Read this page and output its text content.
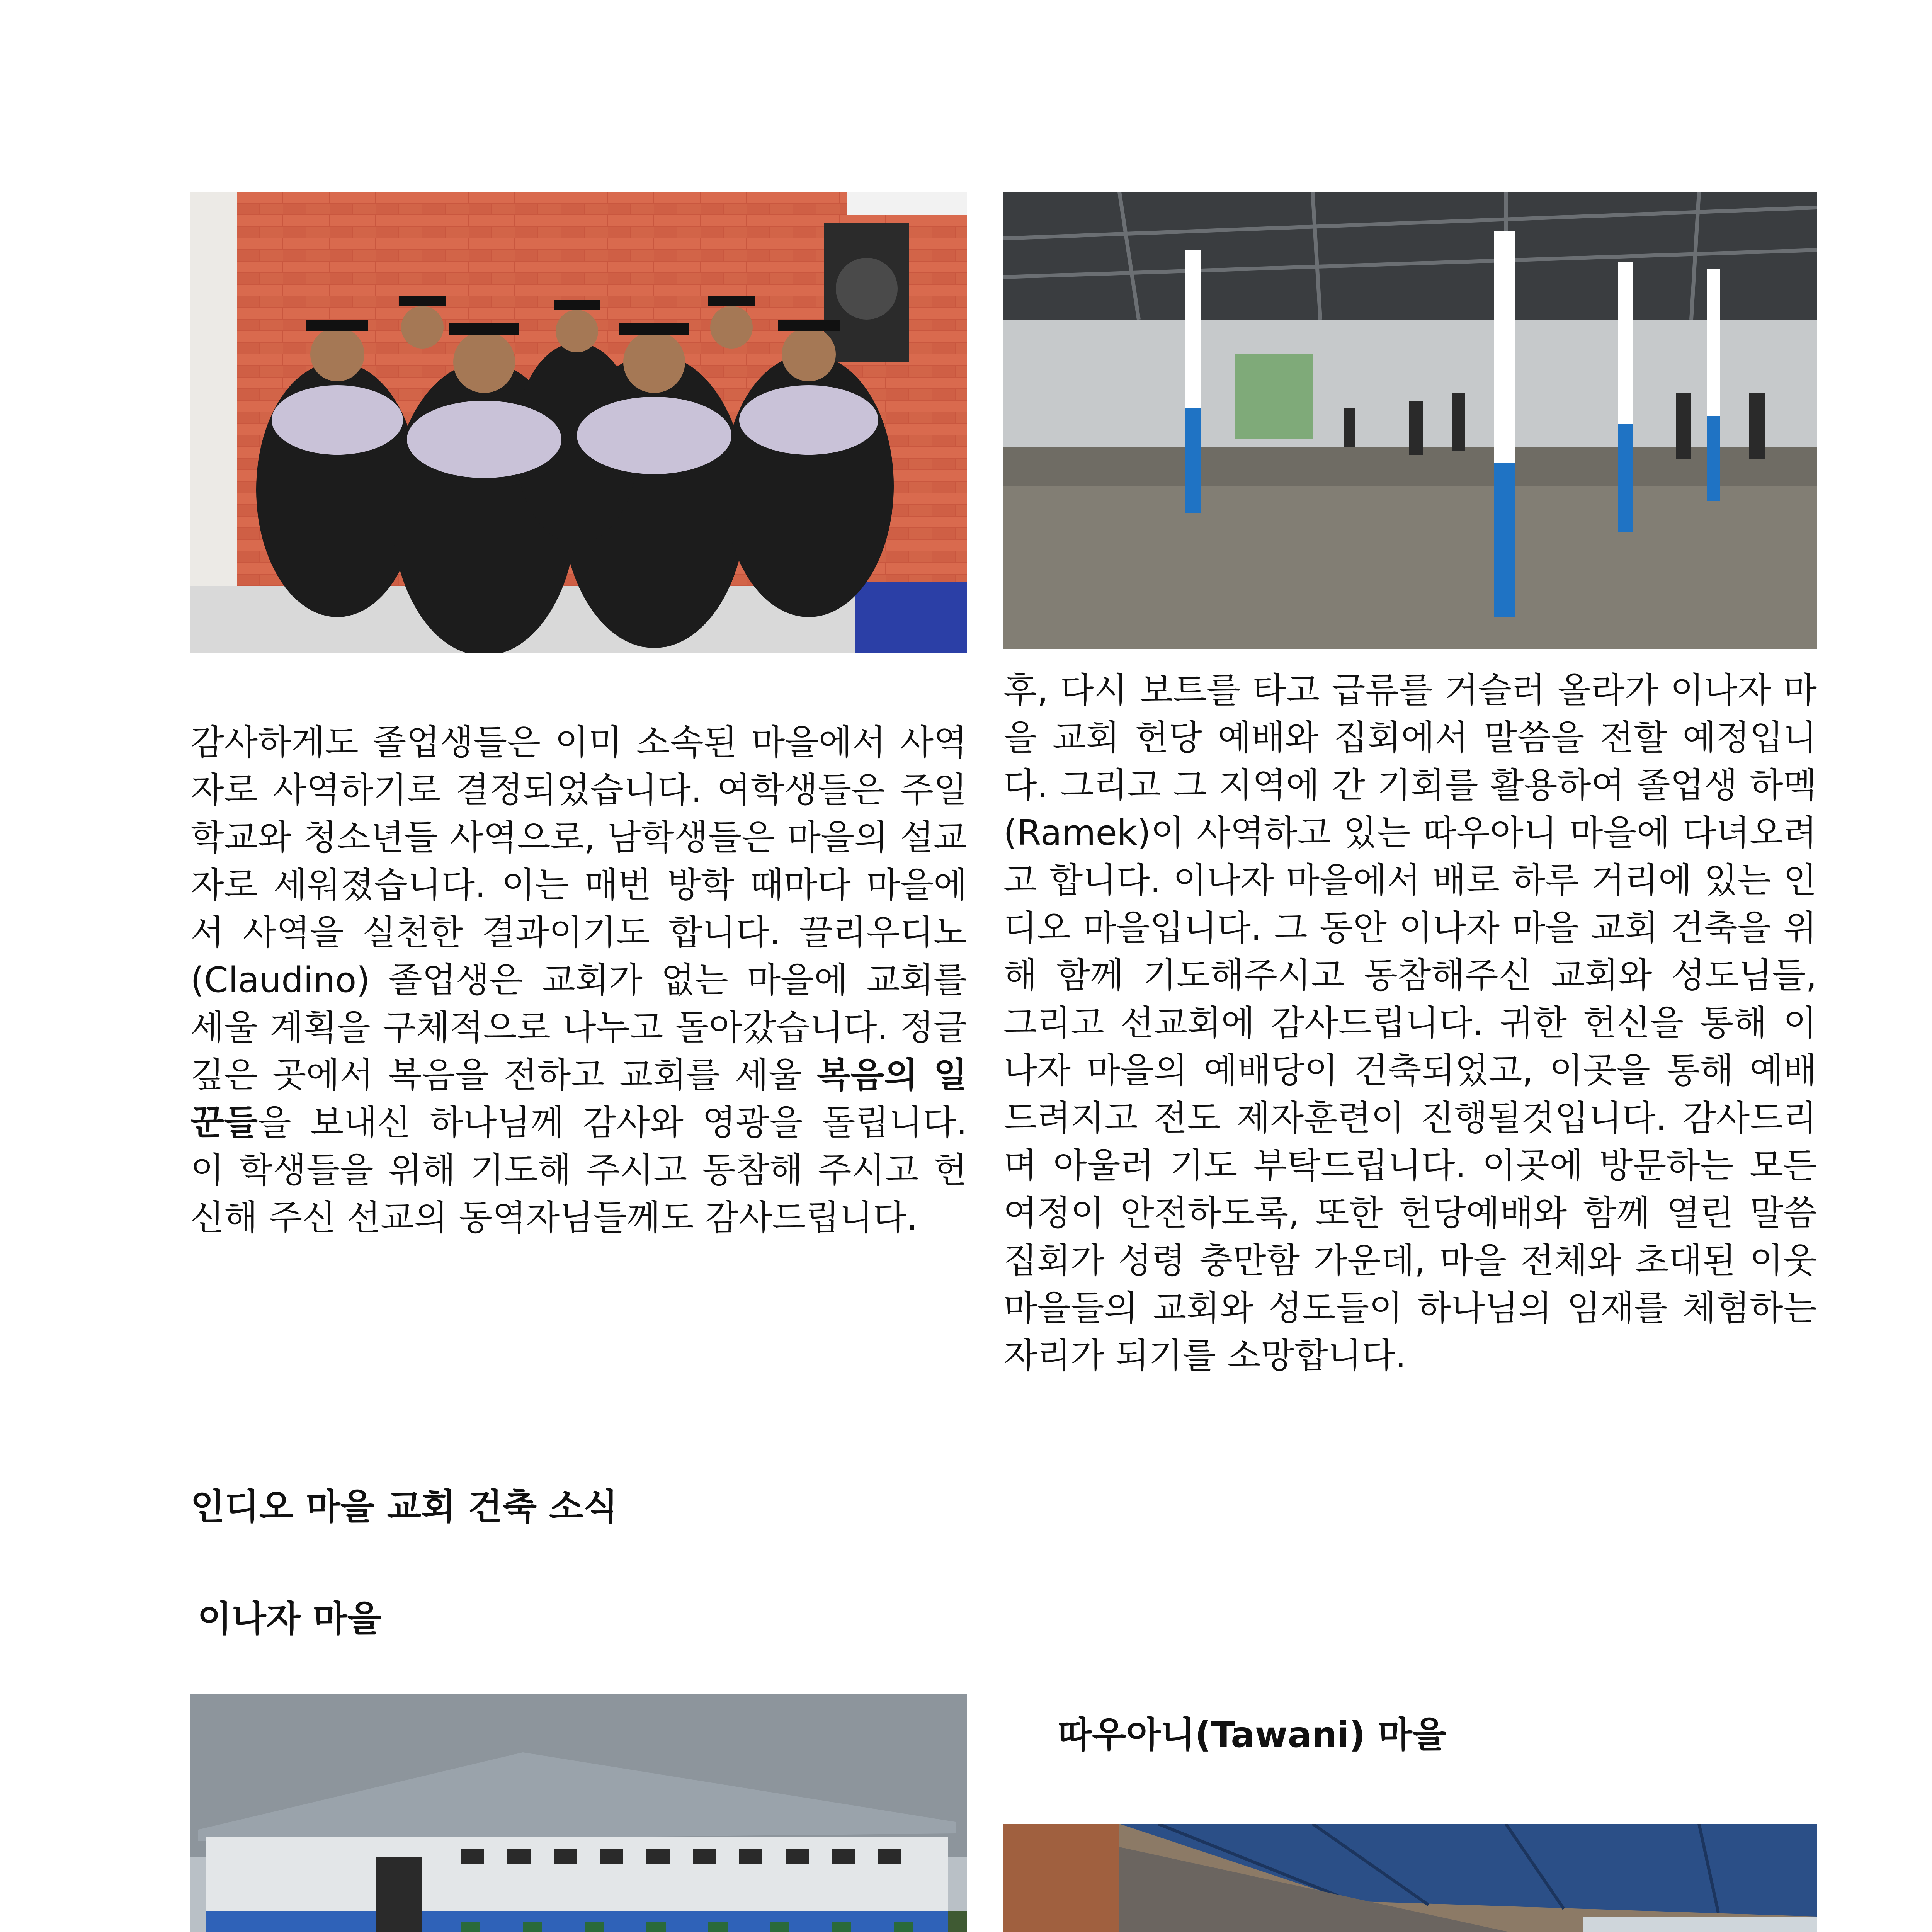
감사하게도 졸업생들은 이미 소속된 마을에서 사역자로 사역하기로 결정되었습니다. 여학생들은 주일학교와 청소년들 사역으로, 남학생들은 마을의 설교자로 세워졌습니다. 이는 매번 방학 때마다 마을에서 사역을 실천한 결과이기도 합니다. 끌리우디노(Claudino) 졸업생은 교회가 없는 마을에 교회를 세울 계획을 구체적으로 나누고 돌아갔습니다. 정글 깊은 곳에서 복음을 전하고 교회를 세울 복음의 일꾼들을 보내신 하나님께 감사와 영광을 돌립니다. 이 학생들을 위해 기도해 주시고 동참해 주시고 헌신해 주신 선교의 동역자님들께도 감사드립니다.

인디오 마을 교회 건축 소식
이나자 마을

후, 다시 보트를 타고 급류를 거슬러 올라가 이나자 마을 교회 헌당 예배와 집회에서 말씀을 전할 예정입니다. 그리고 그 지역에 간 기회를 활용하여 졸업생 하멕(Ramek)이 사역하고 있는 따우아니 마을에 다녀오려고 합니다. 이나자 마을에서 배로 하루 거리에 있는 인디오 마을입니다. 그 동안 이나자 마을 교회 건축을 위해 함께 기도해주시고 동참해주신 교회와 성도님들, 그리고 선교회에 감사드립니다. 귀한 헌신을 통해 이나자 마을의 예배당이 건축되었고, 이곳을 통해 예배 드려지고 전도 제자훈련이 진행될것입니다. 감사드리며 아울러 기도 부탁드립니다. 이곳에 방문하는 모든 여정이 안전하도록, 또한 헌당예배와 함께 열린 말씀 집회가 성령 충만함 가운데, 마을 전체와 초대된 이웃마을들의 교회와 성도들이 하나님의 임재를 체험하는 자리가 되기를 소망합니다.

따우아니(Tawani) 마을
